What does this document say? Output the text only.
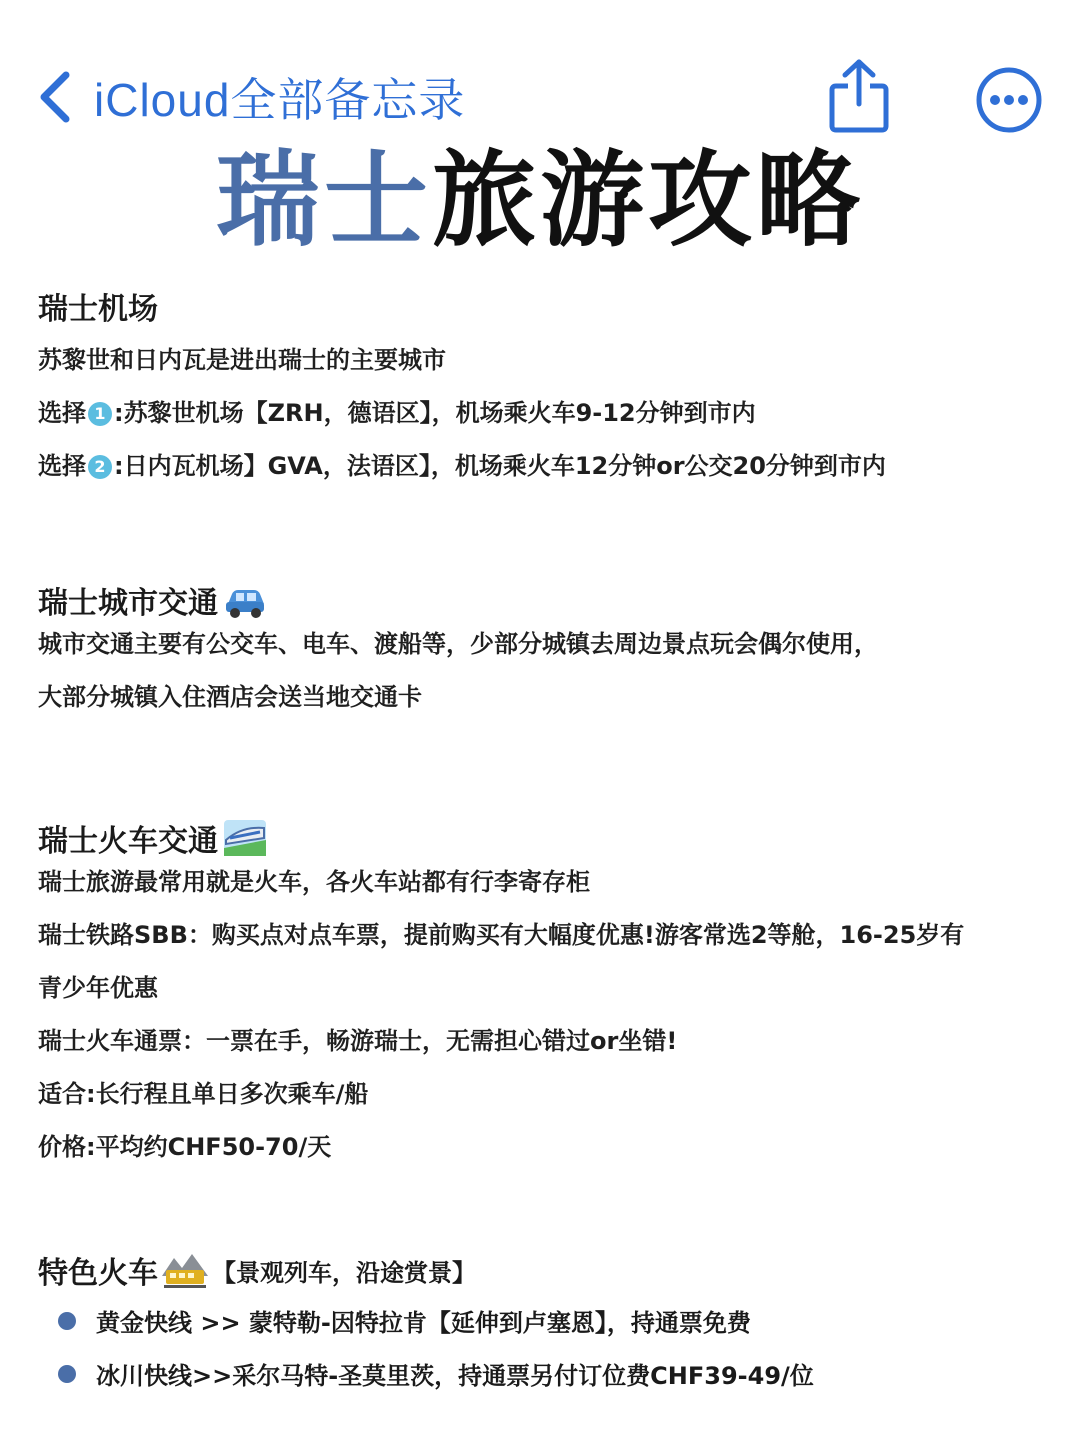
iCloud全部备忘录
瑞士旅游攻略
瑞士机场
苏黎世和日内瓦是进出瑞士的主要城市
选择 1 :苏黎世机场【ZRH，德语区】，机场乘火车9-12分钟到市内
选择 2 :日内瓦机场】GVA，法语区】，机场乘火车12分钟or公交20分钟到市内
瑞士城市交通
城市交通主要有公交车、电车、渡船等，少部分城镇去周边景点玩会偶尔使用，
大部分城镇入住酒店会送当地交通卡
瑞士火车交通
瑞士旅游最常用就是火车，各火车站都有行李寄存柜
瑞士铁路SBB：购买点对点车票，提前购买有大幅度优惠!游客常选2等舱，16-25岁有
青少年优惠
瑞士火车通票：一票在手，畅游瑞士，无需担心错过or坐错!
适合:长行程且单日多次乘车/船
价格:平均约CHF50-70/天
特色火车 【景观列车，沿途赏景】
黄金快线 >> 蒙特勒-因特拉肯【延伸到卢塞恩】，持通票免费
冰川快线>>采尔马特-圣莫里茨，持通票另付订位费CHF39-49/位
